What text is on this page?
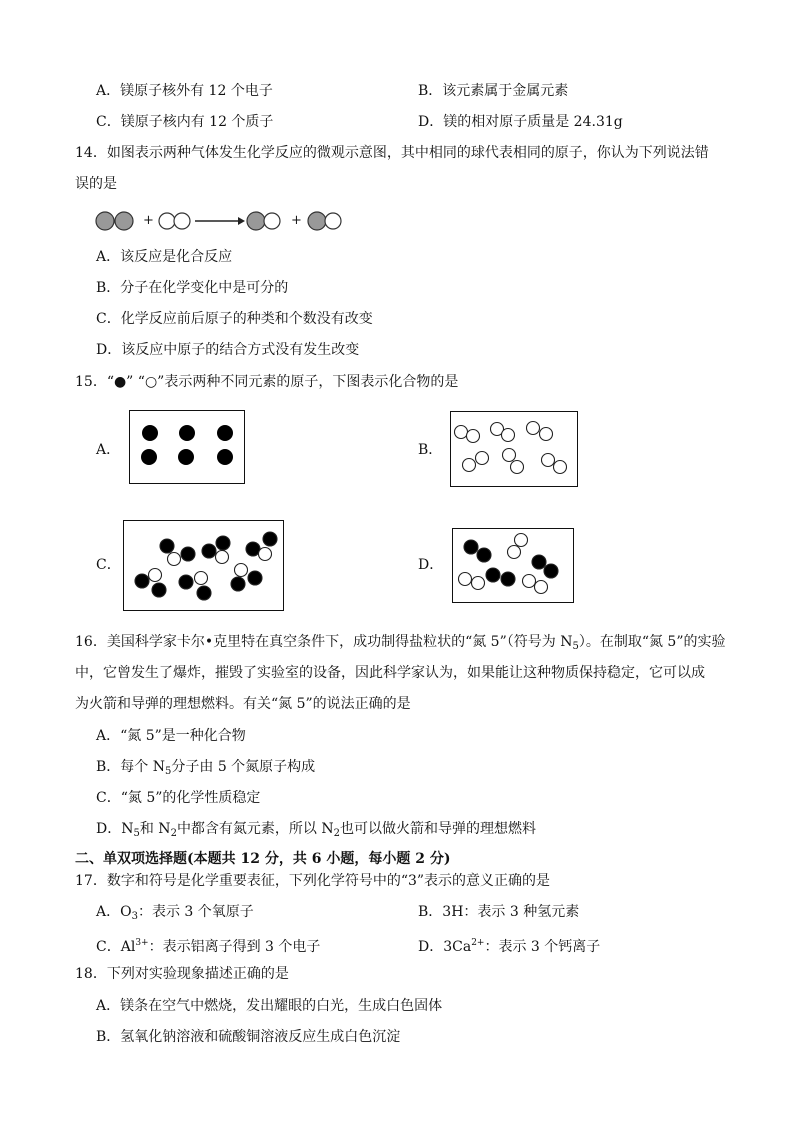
A．镁原子核外有 12 个电子	B．该元素属于金属元素
C．镁原子核内有 12 个质子	D．镁的相对原子质量是 24.31g
14．如图表示两种气体发生化学反应的微观示意图，其中相同的球代表相同的原子，你认为下列说法错
误的是
+	+
A．该反应是化合反应
B．分子在化学变化中是可分的
C．化学反应前后原子的种类和个数没有改变
D．该反应中原子的结合方式没有发生改变
15．“●” “○”表示两种不同元素的原子，下图表示化合物的是
A．	B．
C．	D．
16．美国科学家卡尔•克里特在真空条件下，成功制得盐粒状的“氮 5”（符号为 $N_5$）。在制取“氮 5”的实验
中，它曾发生了爆炸，摧毁了实验室的设备，因此科学家认为，如果能让这种物质保持稳定，它可以成
为火箭和导弹的理想燃料。有关“氮 5”的说法正确的是
A．“氮 5”是一种化合物
B．每个 $N_5$分子由 5 个氮原子构成
C．“氮 5”的化学性质稳定
D．$N_5$和 $N_2$中都含有氮元素，所以 $N_2$也可以做火箭和导弹的理想燃料
二、单双项选择题(本题共 12 分，共 6 小题，每小题 2 分)
17．数字和符号是化学重要表征，下列化学符号中的“3”表示的意义正确的是
A．$O_3$：表示 3 个氧原子	B．3H：表示 3 种氢元素
C．$Al^{3+}$：表示铝离子得到 3 个电子	D．$3Ca^{2+}$：表示 3 个钙离子
18．下列对实验现象描述正确的是
A．镁条在空气中燃烧，发出耀眼的白光，生成白色固体
B．氢氧化钠溶液和硫酸铜溶液反应生成白色沉淀
